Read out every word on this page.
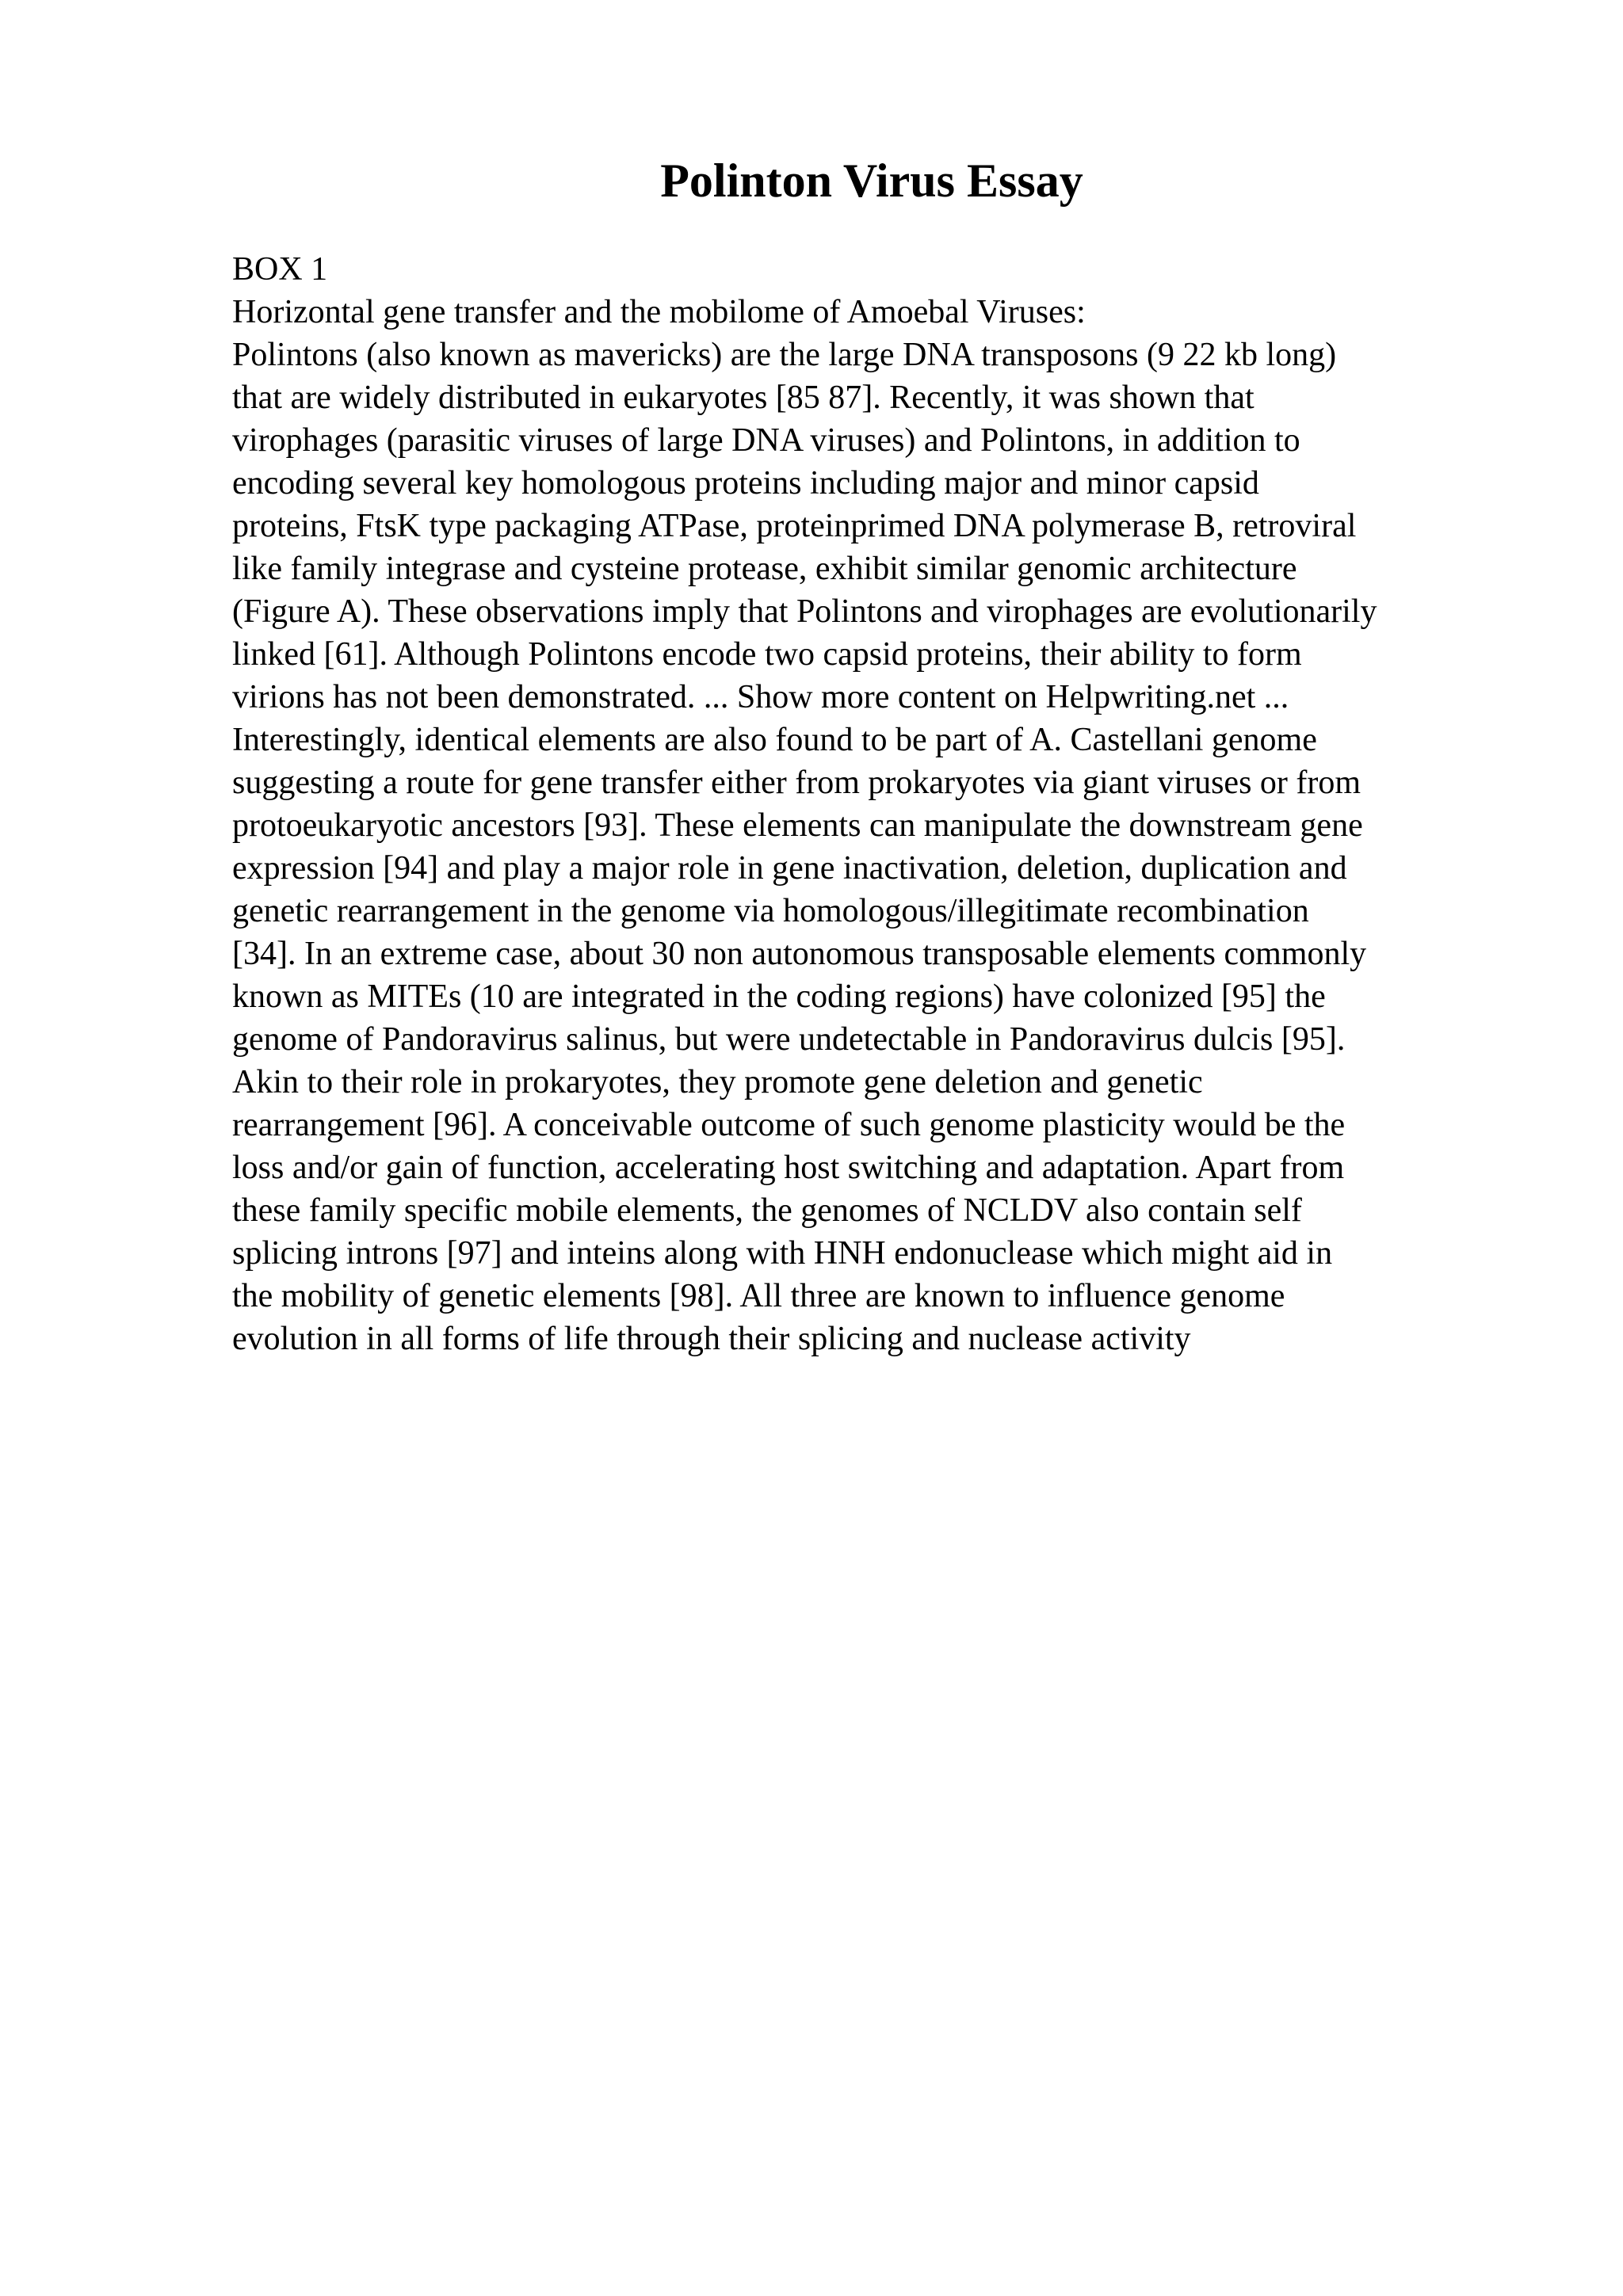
Polinton Virus Essay
BOX 1
Horizontal gene transfer and the mobilome of Amoebal Viruses:
Polintons (also known as mavericks) are the large DNA transposons (9 22 kb long)
that are widely distributed in eukaryotes [85 87]. Recently, it was shown that
virophages (parasitic viruses of large DNA viruses) and Polintons, in addition to
encoding several key homologous proteins including major and minor capsid
proteins, FtsK type packaging ATPase, proteinprimed DNA polymerase B, retroviral
like family integrase and cysteine protease, exhibit similar genomic architecture
(Figure A). These observations imply that Polintons and virophages are evolutionarily
linked [61]. Although Polintons encode two capsid proteins, their ability to form
virions has not been demonstrated. ... Show more content on Helpwriting.net ...
Interestingly, identical elements are also found to be part of A. Castellani genome
suggesting a route for gene transfer either from prokaryotes via giant viruses or from
protoeukaryotic ancestors [93]. These elements can manipulate the downstream gene
expression [94] and play a major role in gene inactivation, deletion, duplication and
genetic rearrangement in the genome via homologous/illegitimate recombination
[34]. In an extreme case, about 30 non autonomous transposable elements commonly
known as MITEs (10 are integrated in the coding regions) have colonized [95] the
genome of Pandoravirus salinus, but were undetectable in Pandoravirus dulcis [95].
Akin to their role in prokaryotes, they promote gene deletion and genetic
rearrangement [96]. A conceivable outcome of such genome plasticity would be the
loss and/or gain of function, accelerating host switching and adaptation. Apart from
these family specific mobile elements, the genomes of NCLDV also contain self
splicing introns [97] and inteins along with HNH endonuclease which might aid in
the mobility of genetic elements [98]. All three are known to influence genome
evolution in all forms of life through their splicing and nuclease activity
